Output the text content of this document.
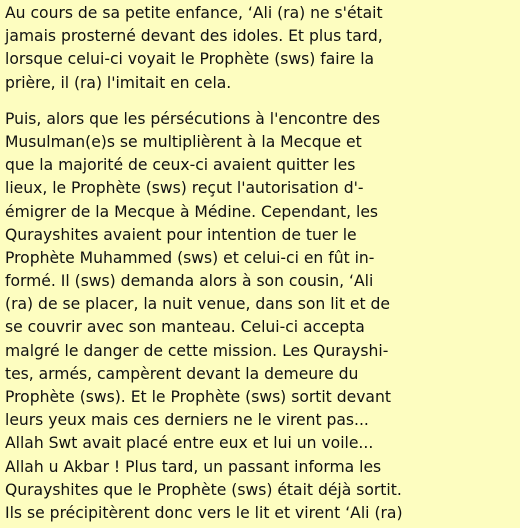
Au cours de sa petite enfance, ‘Ali (ra) ne s'était
jamais prosterné devant des idoles. Et plus tard,
lorsque celui-ci voyait le Prophète (sws) faire la
prière, il (ra) l'imitait en cela.

Puis, alors que les pérsécutions à l'encontre des
Musulman(e)s se multiplièrent à la Mecque et
que la majorité de ceux-ci avaient quitter les
lieux, le Prophète (sws) reçut l'autorisation d'-
émigrer de la Mecque à Médine. Cependant, les
Qurayshites avaient pour intention de tuer le
Prophète Muhammed (sws) et celui-ci en fût in-
formé. Il (sws) demanda alors à son cousin, ‘Ali
(ra) de se placer, la nuit venue, dans son lit et de
se couvrir avec son manteau. Celui-ci accepta
malgré le danger de cette mission. Les Qurayshi-
tes, armés, campèrent devant la demeure du
Prophète (sws). Et le Prophète (sws) sortit devant
leurs yeux mais ces derniers ne le virent pas...
Allah Swt avait placé entre eux et lui un voile...
Allah u Akbar ! Plus tard, un passant informa les
Qurayshites que le Prophète (sws) était déjà sortit.
Ils se précipitèrent donc vers le lit et virent ‘Ali (ra)
